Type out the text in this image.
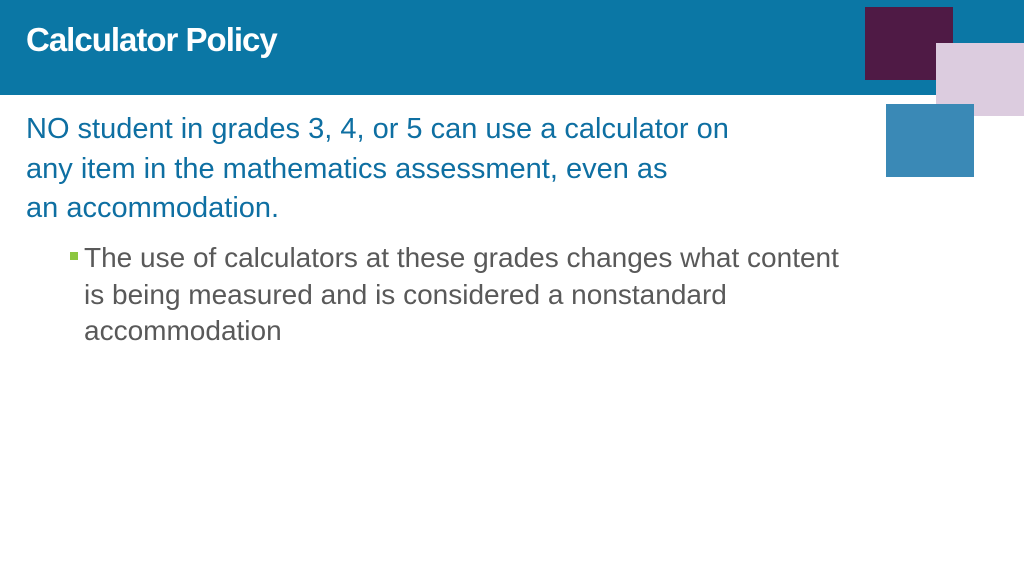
Calculator Policy

NO student in grades 3, 4, or 5 can use a calculator on
any item in the mathematics assessment, even as
an accommodation.

The use of calculators at these grades changes what content
is being measured and is considered a nonstandard
accommodation
